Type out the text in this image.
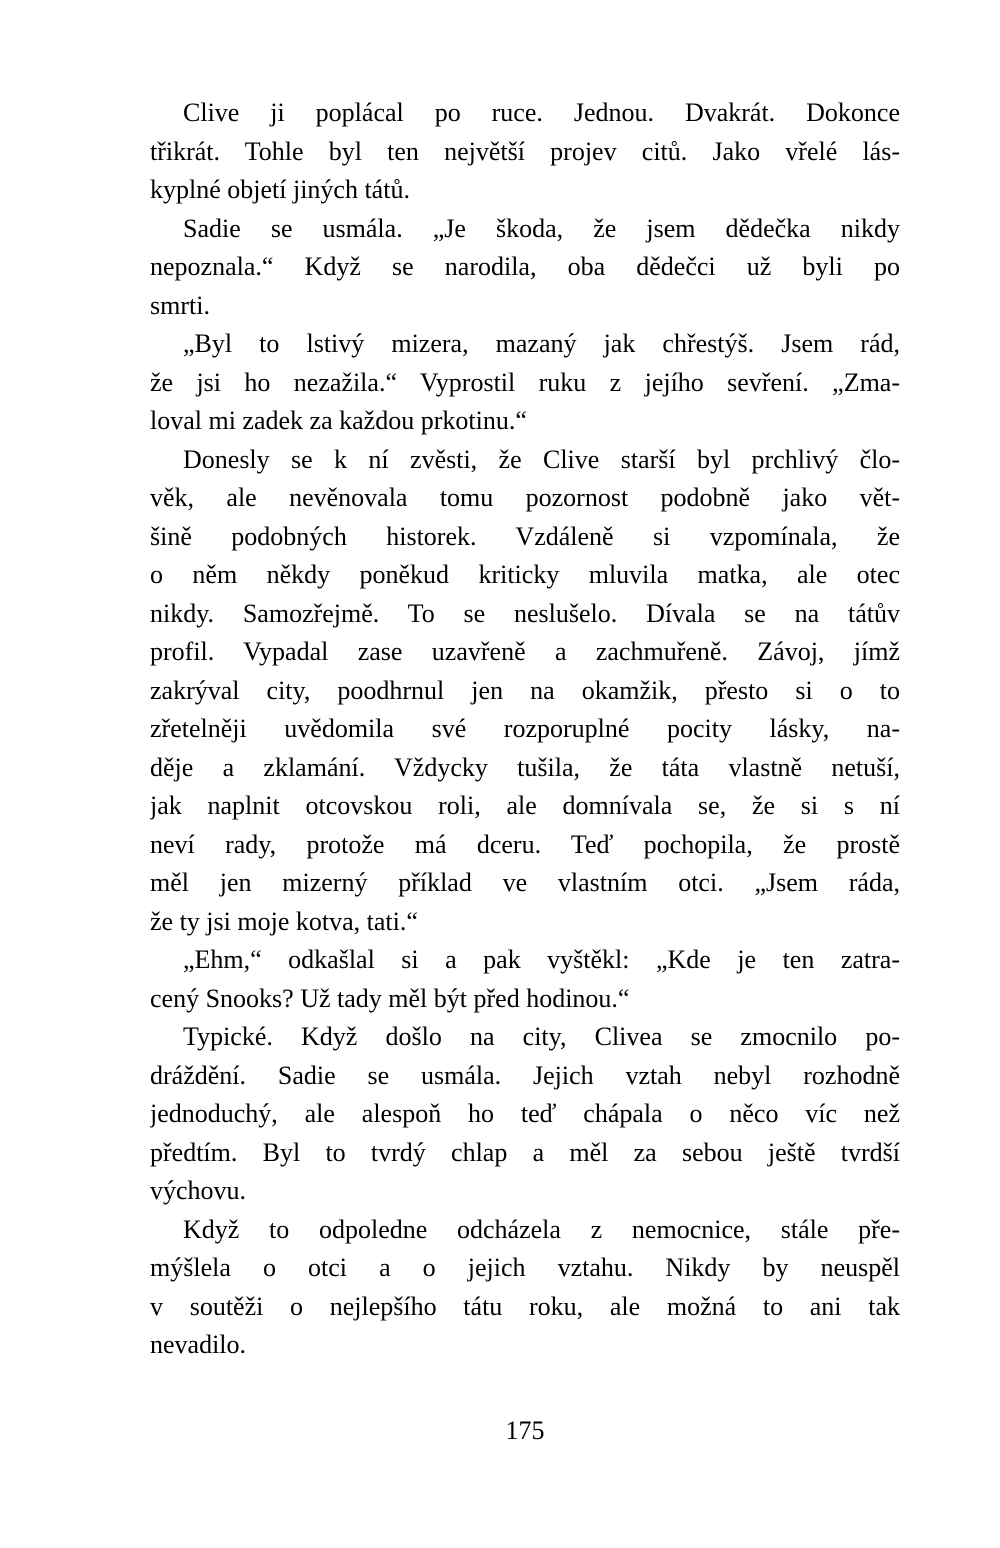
Clive ji poplácal po ruce. Jednou. Dvakrát. Dokonce
třikrát. Tohle byl ten největší projev citů. Jako vřelé lás-
kyplné objetí jiných tátů.
Sadie se usmála. „Je škoda, že jsem dědečka nikdy
nepoznala.“ Když se narodila, oba dědečci už byli po
smrti.
„Byl to lstivý mizera, mazaný jak chřestýš. Jsem rád,
že jsi ho nezažila.“ Vyprostil ruku z jejího sevření. „Zma-
loval mi zadek za každou prkotinu.“
Donesly se k ní zvěsti, že Clive starší byl prchlivý člo-
věk, ale nevěnovala tomu pozornost podobně jako vět-
šině podobných historek. Vzdáleně si vzpomínala, že
o něm někdy poněkud kriticky mluvila matka, ale otec
nikdy. Samozřejmě. To se neslušelo. Dívala se na tátův
profil. Vypadal zase uzavřeně a zachmuřeně. Závoj, jímž
zakrýval city, poodhrnul jen na okamžik, přesto si o to
zřetelněji uvědomila své rozporuplné pocity lásky, na-
děje a zklamání. Vždycky tušila, že táta vlastně netuší,
jak naplnit otcovskou roli, ale domnívala se, že si s ní
neví rady, protože má dceru. Teď pochopila, že prostě
měl jen mizerný příklad ve vlastním otci. „Jsem ráda,
že ty jsi moje kotva, tati.“
„Ehm,“ odkašlal si a pak vyštěkl: „Kde je ten zatra-
cený Snooks? Už tady měl být před hodinou.“
Typické. Když došlo na city, Clivea se zmocnilo po-
dráždění. Sadie se usmála. Jejich vztah nebyl rozhodně
jednoduchý, ale alespoň ho teď chápala o něco víc než
předtím. Byl to tvrdý chlap a měl za sebou ještě tvrdší
výchovu.
Když to odpoledne odcházela z nemocnice, stále pře-
mýšlela o otci a o jejich vztahu. Nikdy by neuspěl
v soutěži o nejlepšího tátu roku, ale možná to ani tak
nevadilo.
175
